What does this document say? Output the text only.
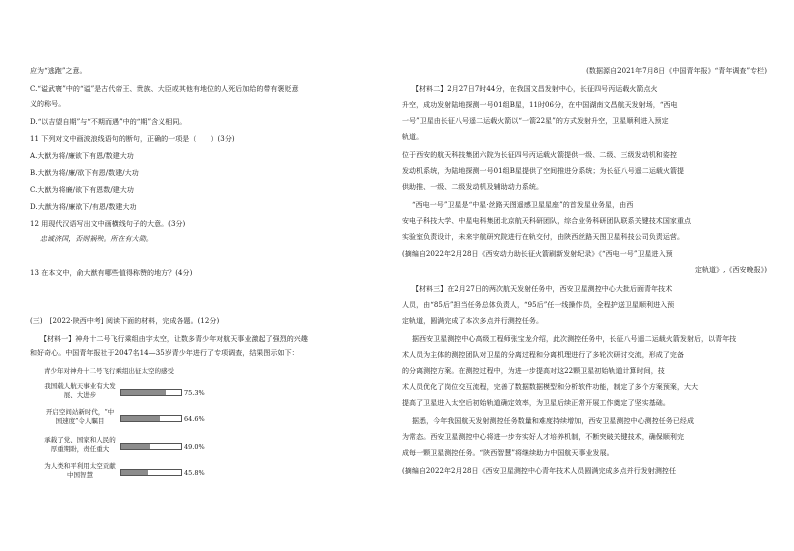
应为“逃跑”之意。
C.“谥武寰”中的“谥”是古代帝王、贵族、大臣或其他有地位的人死后加给的带有褒贬意
义的称号。
D.“以吉望自期”与“不期而遇”中的“期”含义相同。
11 下列对文中画波浪线语句的断句，正确的一项是（　　）(3分)
A.大猷为将/廉欲下有恩/数建大功
B.大猷为将/廉/欲下有恩/数建/大功
C.大猷为将廉/欲下有恩数/建大功
D.大猷为将/廉欲下/有恩/数建大功
12 用现代汉语写出文中画横线句子的大意。(3分)
忠诚济国，否则祸殃。所在有大勋。
13 在本文中，俞大猷有哪些值得称赞的地方？(4分)
(三)　[2022·陕西中考] 阅读下面的材料，完成各题。(12分)
【材料一】神舟十二号飞行乘组由宇太空，让数多青少年对航天事业激起了强烈的兴趣
和好奇心。中国青年报社于2047名14—35岁青少年进行了专项调查，结果图示如下：
青少年对神舟十二号飞行乘组出征太空的感受
我国载人航天事业有大发展、大进步	75.3%
开启空间站新时代，“中国速度”令人瞩目	64.6%
承载了党、国家和人民的厚重期盼，责任重大	49.0%
为人类和平利用太空贡献中国智慧	45.8%
(数据源自2021年7月8日《中国青年报》“青年调查”专栏)
【材料二】2月27日7时44分，在我国文昌发射中心，长征四号丙运载火箭点火
升空，成功发射陆地探测一号01组B星，11时06分，在中国湖南文昌航天发射场，“西电
一号”卫星由长征八号遥二运载火箭以“一箭22星”的方式发射升空，卫星顺利进入预定
轨道。
位于西安的航天科技集团六院为长征四号丙运载火箭提供一级、二级、三级发动机和姿控
发动机系统，为陆地探测一号01组B星提供了空间推进分系统；为长征八号遥二运载火箭提
供助推、一级、二级发动机及辅助动力系统。
“西电一号”卫星是“中星·丝路天图遥感卫星星座”的首发星业务星，由西
安电子科技大学、中星电科集团北京航天科研团队，综合业务科研团队联系关键技术国家重点
实验室负责设计，未来宇航研究院进行在轨交付，由陕西丝路天图卫星科技公司负责运营。
(摘编自2022年2月28日《西安动力助长征火箭刷新发射纪录》《“西电一号”卫星进入预
定轨道》,《西安晚报》)
【材料三】在2月27日的两次航天发射任务中，西安卫星测控中心大批后面青年技术
人员，由“85后”担当任务总体负责人，“95后”任一线操作员，全程护送卫星顺利进入预
定轨道，圆满完成了本次多点并行测控任务。
据西安卫星测控中心高级工程师张宝龙介绍，此次测控任务中，长征八号遥二运载火箭发射后，以青年技
术人员为主体的测控团队对卫星的分离过程和分离机理进行了多轮次研讨交流，形成了完备
的分离测控方案。在测控过程中，为进一步提高对这22颗卫星初始轨道计算时间，技
术人员优化了岗位交互流程，完善了数据数据模型和分析软件功能，制定了多个方案预案，大大
提高了卫星进入太空后初始轨道确定效率，为卫星后续正常开展工作奠定了坚实基础。
据悉，今年我国航天发射测控任务数量和难度持续增加，西安卫星测控中心测控任务已经成
为常态。西安卫星测控中心将进一步夯实好人才培养机制，不断突破关键技术，确保顺利完
成每一颗卫星测控任务。“陕西智慧”将继续助力中国航天事业发展。
(摘编自2022年2月28日《西安卫星测控中心青年技术人员圆满完成多点并行发射测控任
